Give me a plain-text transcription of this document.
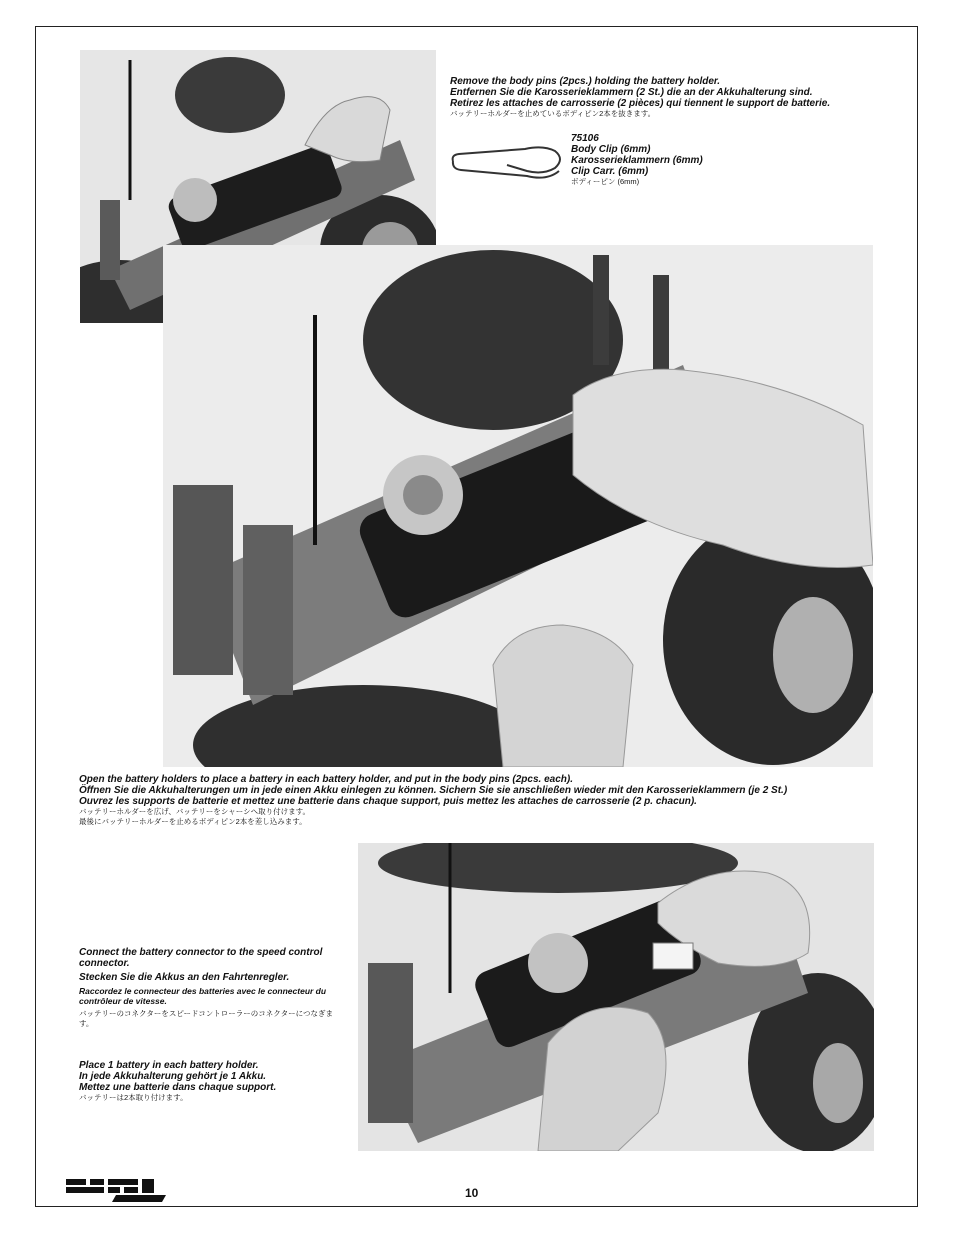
Remove the body pins (2pcs.) holding the battery holder.
Entfernen Sie die Karosserieklammern (2 St.) die an der Akkuhalterung sind.
Retirez les attaches de carrosserie (2 pièces) qui tiennent le support de batterie.
バッテリーホルダーを止めているボディピン2本を抜きます。
75106
Body Clip (6mm)
Karosserieklammern (6mm)
Clip Carr. (6mm)
ボディーピン (6mm)
Open the battery holders to place a battery in each battery holder, and put in the body pins (2pcs. each).
Öffnen Sie die Akkuhalterungen um in jede einen Akku einlegen zu können. Sichern Sie sie anschließen wieder mit den Karosserieklammern (je 2 St.)
Ouvrez les supports de batterie et mettez une batterie dans chaque support, puis mettez les attaches de carrosserie (2 p. chacun).
バッテリーホルダーを広げ、バッテリーをシャーシへ取り付けます。
最後にバッテリーホルダーを止めるボディピン2本を差し込みます。
Connect the battery connector to the speed control connector.
Stecken Sie die Akkus an den Fahrtenregler.
Raccordez le connecteur des batteries avec le connecteur du contrôleur de vitesse.
バッテリーのコネクターをスピードコントローラーのコネクターにつなぎます。
Place 1 battery in each battery holder.
In jede Akkuhalterung gehört je 1 Akku.
Mettez une batterie dans chaque support.
バッテリーは2本取り付けます。
10
